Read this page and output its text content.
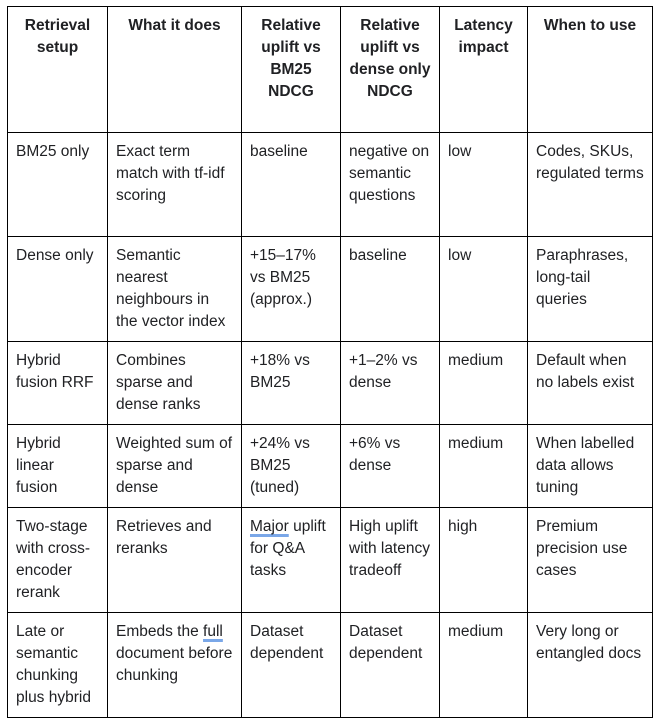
Retrieval setup	What it does	Relative uplift vs BM25 NDCG	Relative uplift vs dense only NDCG	Latency impact	When to use
BM25 only	Exact term match with tf-idf scoring	baseline	negative on semantic questions	low	Codes, SKUs, regulated terms
Dense only	Semantic nearest neighbours in the vector index	+15–17% vs BM25 (approx.)	baseline	low	Paraphrases, long-tail queries
Hybrid fusion RRF	Combines sparse and dense ranks	+18% vs BM25	+1–2% vs dense	medium	Default when no labels exist
Hybrid linear fusion	Weighted sum of sparse and dense	+24% vs BM25 (tuned)	+6% vs dense	medium	When labelled data allows tuning
Two-stage with cross-encoder rerank	Retrieves and reranks	Major uplift for Q&A tasks	High uplift with latency tradeoff	high	Premium precision use cases
Late or semantic chunking plus hybrid	Embeds the full document before chunking	Dataset dependent	Dataset dependent	medium	Very long or entangled docs
